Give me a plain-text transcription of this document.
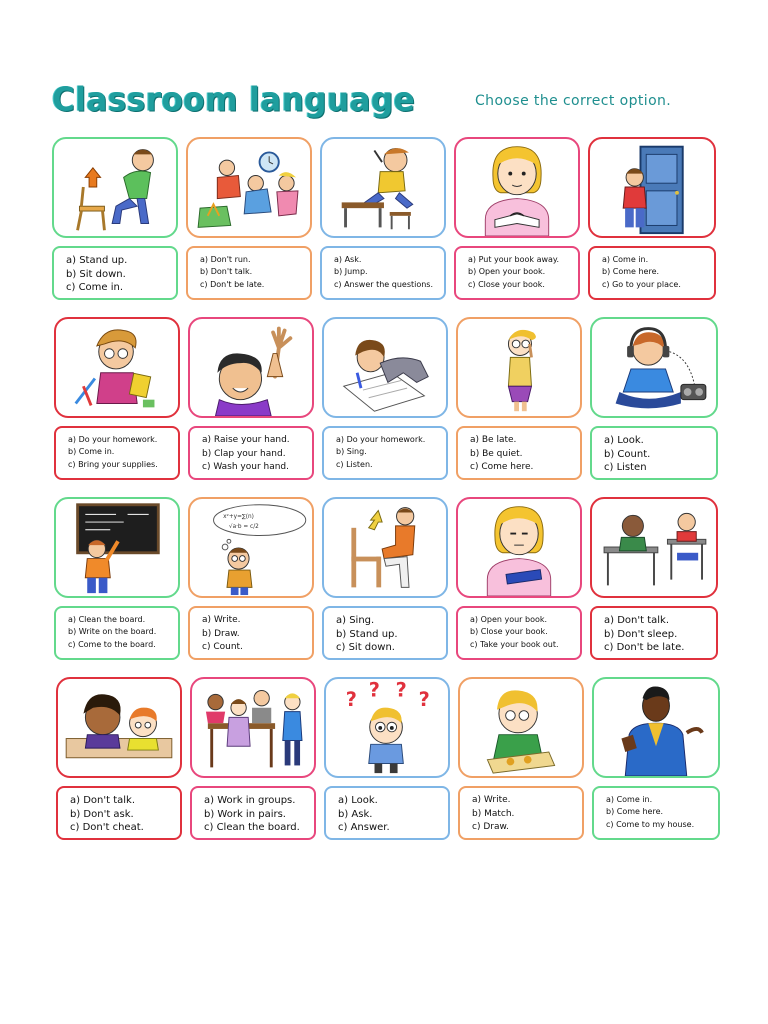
Classroom language	Choose the correct option.
a) Stand up.
b) Sit down.
c) Come in.
a) Don't run.
b) Don't talk.
c) Don't be late.
a) Ask.
b) Jump.
c) Answer the questions.
a) Put your book away.
b) Open your book.
c) Close your book.
a) Come in.
b) Come here.
c) Go to your place.
a) Do your homework.
b) Come in.
c) Bring your supplies.
a) Raise your hand.
b) Clap your hand.
c) Wash your hand.
a) Do your homework.
b) Sing.
c) Listen.
a) Be late.
b) Be quiet.
c) Come here.
a) Look.
b) Count.
c) Listen
a) Clean the board.
b) Write on the board.
c) Come to the board.
x²+y=∑(n)
√a·b = c/2
a) Write.
b) Draw.
c) Count.
a) Sing.
b) Stand up.
c) Sit down.
a) Open your book.
b) Close your book.
c) Take your book out.
a) Don't talk.
b) Don't sleep.
c) Don't be late.
a) Don't talk.
b) Don't ask.
c) Don't cheat.
a) Work in groups.
b) Work in pairs.
c) Clean the board.
? ? ? ?
a) Look.
b) Ask.
c) Answer.
a) Write.
b) Match.
c) Draw.
a) Come in.
b) Come here.
c) Come to my house.
